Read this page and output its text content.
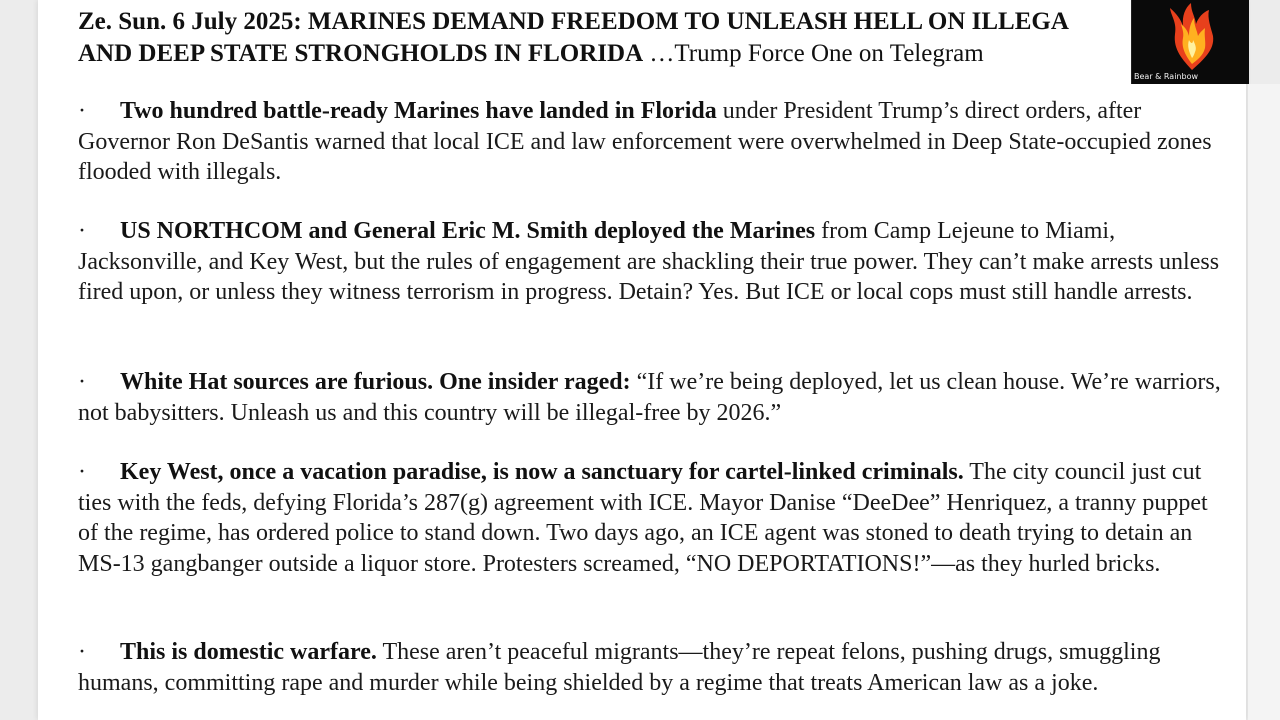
Ze. Sun. 6 July 2025: MARINES DEMAND FREEDOM TO UNLEASH HELL ON ILLEGA
AND DEEP STATE STRONGHOLDS IN FLORIDA …Trump Force One on Telegram

· Two hundred battle-ready Marines have landed in Florida under President Trump’s direct orders, after Governor Ron DeSantis warned that local ICE and law enforcement were overwhelmed in Deep State-occupied zones flooded with illegals.

· US NORTHCOM and General Eric M. Smith deployed the Marines from Camp Lejeune to Miami, Jacksonville, and Key West, but the rules of engagement are shackling their true power. They can’t make arrests unless fired upon, or unless they witness terrorism in progress. Detain? Yes. But ICE or local cops must still handle arrests.

· White Hat sources are furious. One insider raged: “If we’re being deployed, let us clean house. We’re warriors, not babysitters. Unleash us and this country will be illegal-free by 2026.”

· Key West, once a vacation paradise, is now a sanctuary for cartel-linked criminals. The city council just cut ties with the feds, defying Florida’s 287(g) agreement with ICE. Mayor Danise “DeeDee” Henriquez, a tranny puppet of the regime, has ordered police to stand down. Two days ago, an ICE agent was stoned to death trying to detain an MS-13 gangbanger outside a liquor store. Protesters screamed, “NO DEPORTATIONS!”—as they hurled bricks.

· This is domestic warfare. These aren’t peaceful migrants—they’re repeat felons, pushing drugs, smuggling humans, committing rape and murder while being shielded by a regime that treats American law as a joke.

Bear & Rainbow
